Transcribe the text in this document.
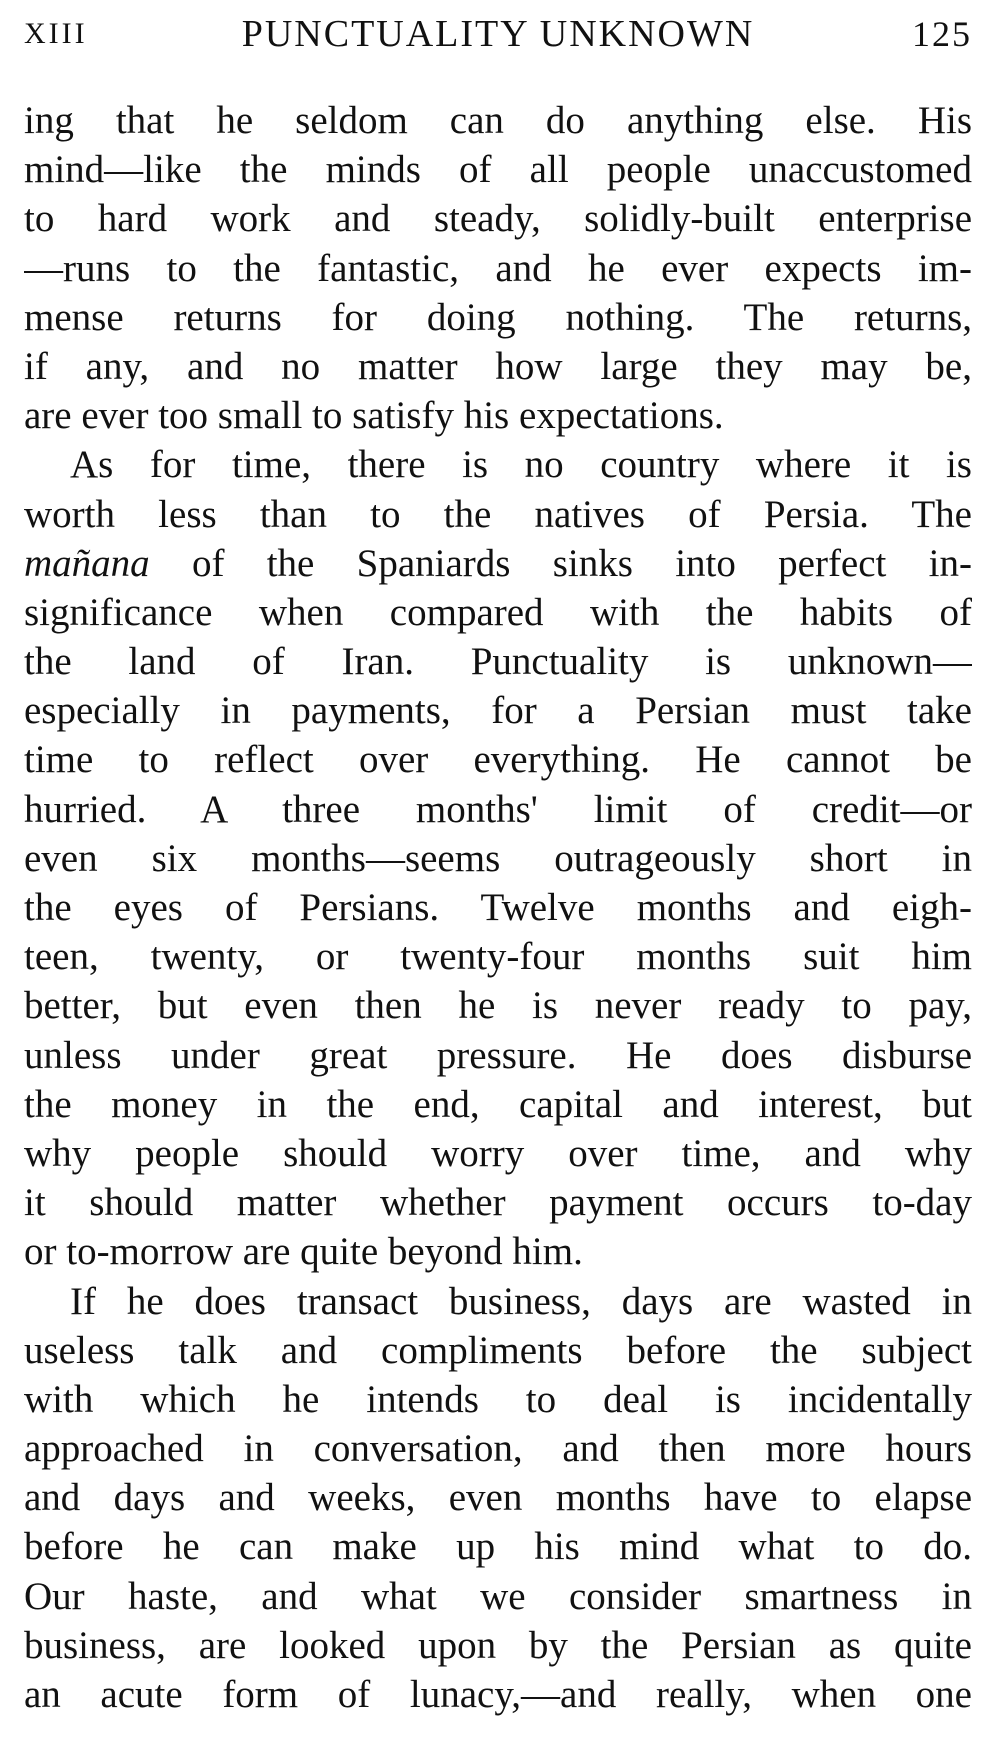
XIII	PUNCTUALITY UNKNOWN	125
ing that he seldom can do anything else. His
mind—like the minds of all people unaccustomed
to hard work and steady, solidly-built enterprise
—runs to the fantastic, and he ever expects im-
mense returns for doing nothing. The returns,
if any, and no matter how large they may be,
are ever too small to satisfy his expectations.
As for time, there is no country where it is
worth less than to the natives of Persia. The
mañana of the Spaniards sinks into perfect in-
significance when compared with the habits of
the land of Iran. Punctuality is unknown—
especially in payments, for a Persian must take
time to reflect over everything. He cannot be
hurried. A three months' limit of credit—or
even six months—seems outrageously short in
the eyes of Persians. Twelve months and eigh-
teen, twenty, or twenty-four months suit him
better, but even then he is never ready to pay,
unless under great pressure. He does disburse
the money in the end, capital and interest, but
why people should worry over time, and why
it should matter whether payment occurs to-day
or to-morrow are quite beyond him.
If he does transact business, days are wasted in
useless talk and compliments before the subject
with which he intends to deal is incidentally
approached in conversation, and then more hours
and days and weeks, even months have to elapse
before he can make up his mind what to do.
Our haste, and what we consider smartness in
business, are looked upon by the Persian as quite
an acute form of lunacy,—and really, when one
